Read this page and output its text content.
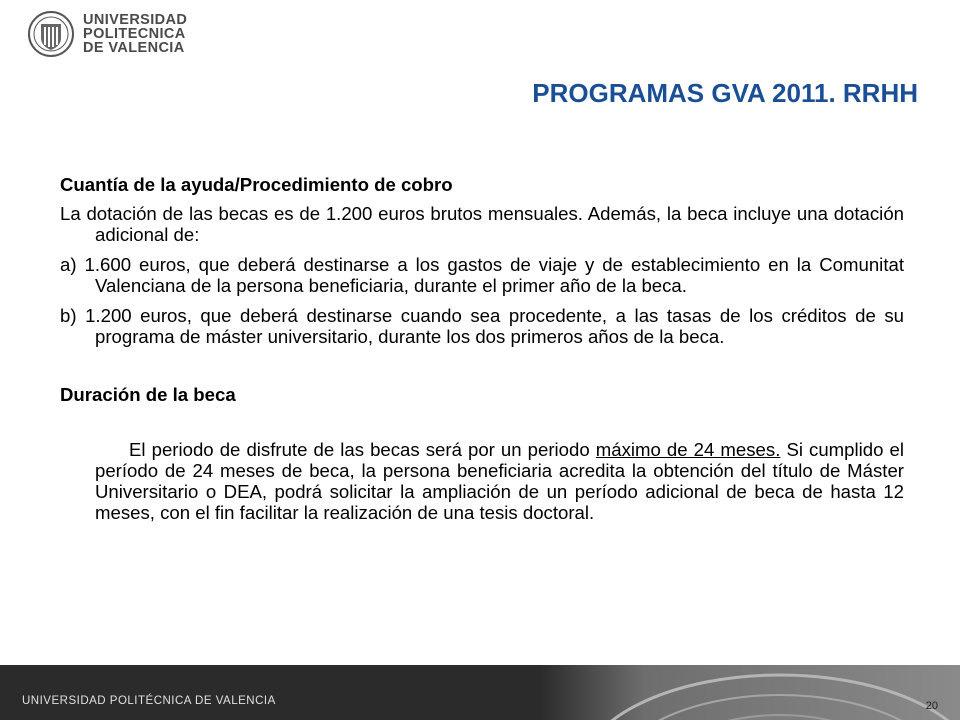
UNIVERSIDAD
POLITECNICA
DE VALENCIA
PROGRAMAS GVA 2011. RRHH

Cuantía de la ayuda/Procedimiento de cobro

La dotación de las becas es de 1.200 euros brutos mensuales. Además, la beca incluye una dotación adicional de:

a) 1.600 euros, que deberá destinarse a los gastos de viaje y de establecimiento en la Comunitat Valenciana de la persona beneficiaria, durante el primer año de la beca.

b) 1.200 euros, que deberá destinarse cuando sea procedente, a las tasas de los créditos de su programa de máster universitario, durante los dos primeros años de la beca.

Duración de la beca

El periodo de disfrute de las becas será por un periodo máximo de 24 meses. Si cumplido el período de 24 meses de beca, la persona beneficiaria acredita la obtención del título de Máster Universitario o DEA, podrá solicitar la ampliación de un período adicional de beca de hasta 12 meses, con el fin facilitar la realización de una tesis doctoral.

UNIVERSIDAD POLITÉCNICA DE VALENCIA	20
